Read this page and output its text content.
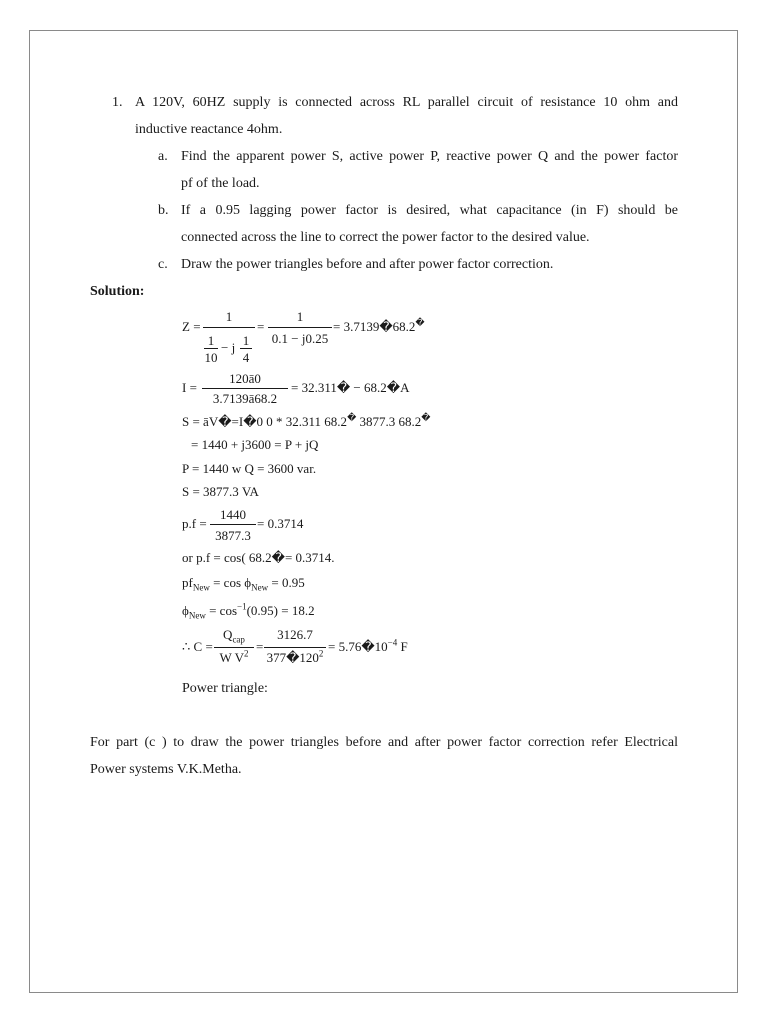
1. A 120V, 60HZ supply is connected across RL parallel circuit of resistance 10 ohm and
inductive reactance 4ohm.
a. Find the apparent power S, active power P, reactive power Q and the power factor
pf of the load.
b. If a 0.95 lagging power factor is desired, what capacitance (in F) should be
connected across the line to correct the power factor to the desired value.
c. Draw the power triangles before and after power factor correction.
Solution:
Z =
1
1
10
− j 1
4
=
1
0.1 − j0.25
= 3.7139�68.2�
I =
120ā0
3.7139ā68.2
= 32.311� − 68.2�A
S = āV�=I�0 0 * 32.311 68.2� 3877.3 68.2�
= 1440 + j3600 = P + jQ
P = 1440 w Q = 3600 var.
S = 3877.3 VA
p.f =
1440
3877.3
= 0.3714
or p.f = cos( 68.2�= 0.3714.
$pf_{New} = \cos \phi_{New} = 0.95$
$\phi_{New} = \cos^{-1}(0.95) = 18.2$
∴ C =
$Q_{cap}$
W $V^2$ =
3126.7
$377�120^2$ = $5.76�10^{-4}$ F
Power triangle:
For part (c ) to draw the power triangles before and after power factor correction refer Electrical
Power systems V.K.Metha.
